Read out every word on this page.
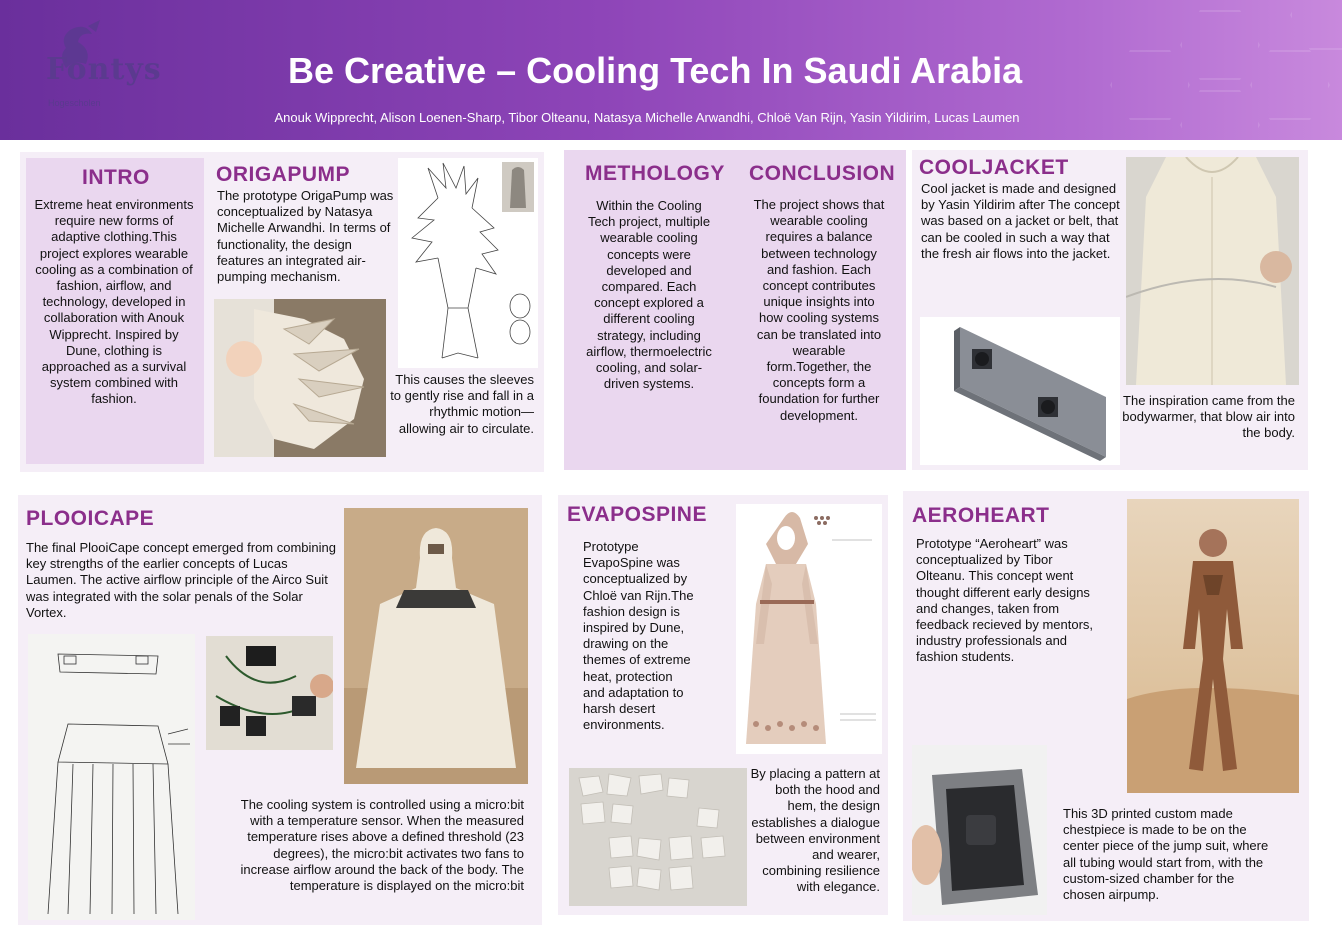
Fontys
Hogescholen
Be Creative – Cooling Tech In Saudi Arabia
Anouk Wipprecht, Alison Loenen-Sharp, Tibor Olteanu, Natasya Michelle Arwandhi, Chloë Van Rijn, Yasin Yildirim, Lucas Laumen
INTRO
Extreme heat environments require new forms of adaptive clothing.This project explores wearable cooling as a combination of fashion, airflow, and technology, developed in collaboration with Anouk Wipprecht. Inspired by Dune, clothing is approached as a survival system combined with fashion.
ORIGAPUMP
The prototype OrigaPump was conceptualized by Natasya Michelle Arwandhi. In terms of functionality, the design features an integrated air-pumping mechanism.
This causes the sleeves to gently rise and fall in a rhythmic motion—allowing air to circulate.
METHOLOGY
Within the Cooling Tech project, multiple wearable cooling concepts were developed and compared. Each concept explored a different cooling strategy, including airflow, thermoelectric cooling, and solar-driven systems.
CONCLUSION
The project shows that wearable cooling requires a balance between technology and fashion. Each concept contributes unique insights into how cooling systems can be translated into wearable form.Together, the concepts form a foundation for further development.
COOLJACKET
Cool jacket is made and designed by Yasin Yildirim after The concept was based on a jacket or belt, that can be cooled in such a way that the fresh air flows into the jacket.
The inspiration came from the bodywarmer, that blow air into the body.
PLOOICAPE
The final PlooiCape concept emerged from combining key strengths of the earlier concepts of Lucas Laumen. The active airflow principle of the Airco Suit was integrated with the solar penals of the Solar Vortex.
The cooling system is controlled using a micro:bit with a temperature sensor. When the measured temperature rises above a defined threshold (23 degrees), the micro:bit activates two fans to increase airflow around the back of the body. The temperature is displayed on the micro:bit
EVAPOSPINE
Prototype EvapoSpine was conceptualized by Chloë van Rijn.The fashion design is inspired by Dune, drawing on the themes of extreme heat, protection and adaptation to harsh desert environments.
By placing a pattern at both the hood and hem, the design establishes a dialogue between environment and wearer, combining resilience with elegance.
AEROHEART
Prototype “Aeroheart” was conceptualized by Tibor Olteanu. This concept went thought different early designs and changes, taken from feedback recieved by mentors, industry professionals and fashion students.
This 3D printed custom made chestpiece is made to be on the center piece of the jump suit, where all tubing would start from, with the custom-sized chamber for the chosen airpump.
